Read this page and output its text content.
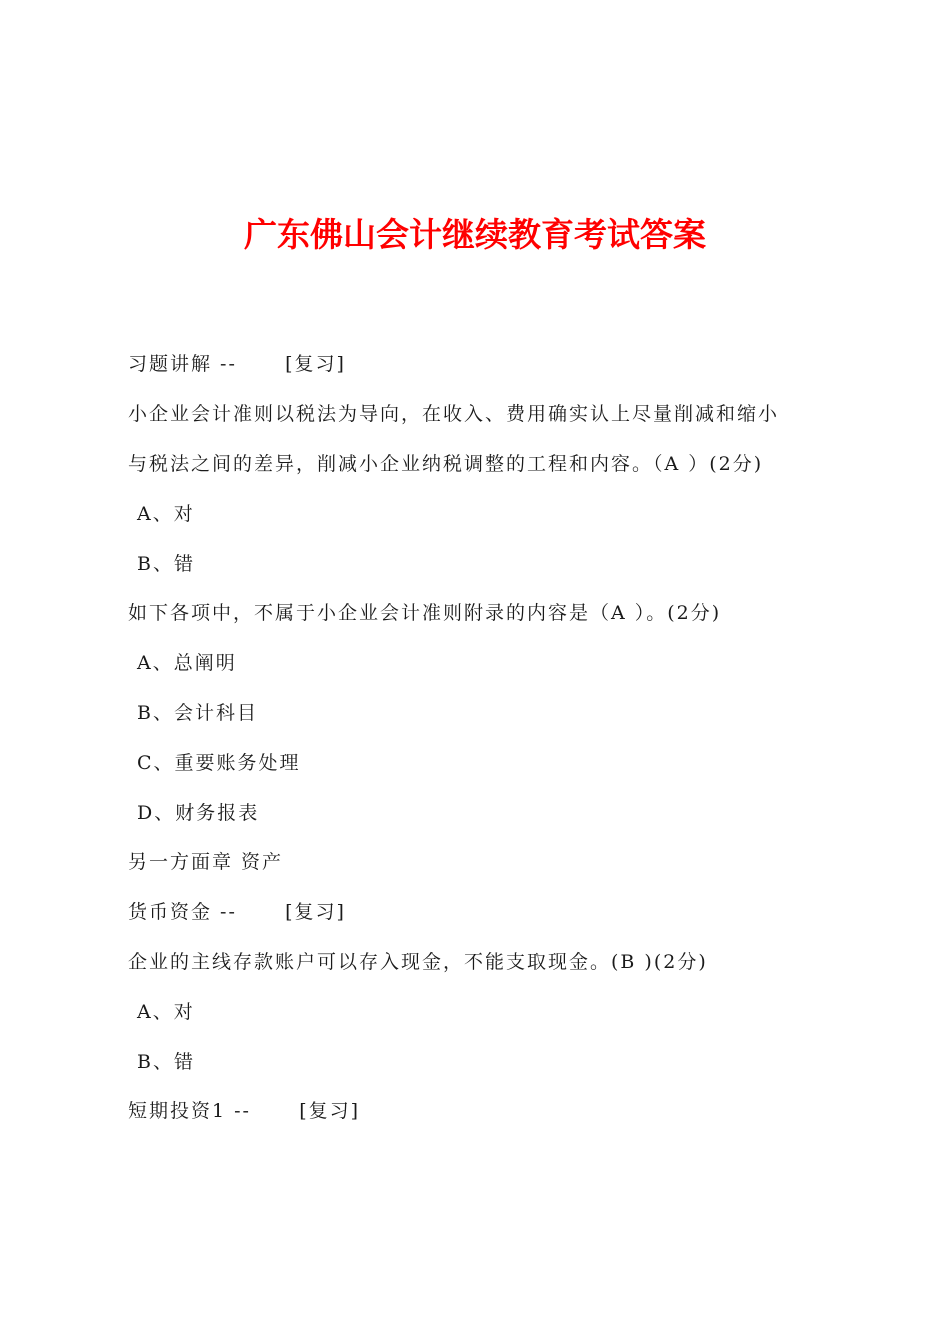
广东佛山会计继续教育考试答案
习题讲解 --      [复习]
小企业会计准则以税法为导向，在收入、费用确实认上尽量削减和缩小
与税法之间的差异，削减小企业纳税调整的工程和内容。（A ）(2分)
A、对
B、错
如下各项中，不属于小企业会计准则附录的内容是（A ）。(2分)
A、总阐明
B、会计科目
C、重要账务处理
D、财务报表
另一方面章 资产
货币资金 --      [复习]
企业的主线存款账户可以存入现金，不能支取现金。(B )(2分)
A、对
B、错
短期投资1 --      [复习]
